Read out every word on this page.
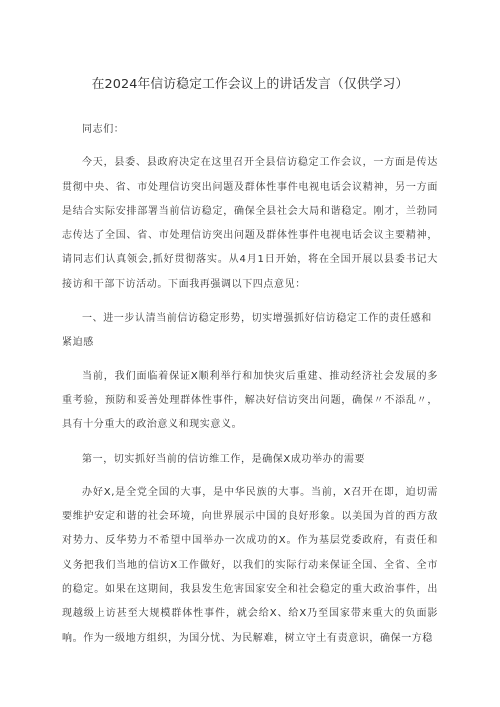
在2024年信访稳定工作会议上的讲话发言（仅供学习）

同志们：

今天，县委、县政府决定在这里召开全县信访稳定工作会议，一方面是传达贯彻中央、省、市处理信访突出问题及群体性事件电视电话会议精神，另一方面是结合实际安排部署当前信访稳定，确保全县社会大局和谐稳定。刚才，兰勃同志传达了全国、省、市处理信访突出问题及群体性事件电视电话会议主要精神，请同志们认真领会,抓好贯彻落实。从4月1日开始，将在全国开展以县委书记大接访和干部下访活动。下面我再强调以下四点意见：

一、进一步认清当前信访稳定形势，切实增强抓好信访稳定工作的责任感和紧迫感

当前，我们面临着保证X顺利举行和加快灾后重建、推动经济社会发展的多重考验，预防和妥善处理群体性事件，解决好信访突出问题，确保〃不添乱〃，具有十分重大的政治意义和现实意义。

第一，切实抓好当前的信访维工作，是确保X成功举办的需要

办好X,是全党全国的大事，是中华民族的大事。当前，X召开在即，迫切需要维护安定和谐的社会环境，向世界展示中国的良好形象。以美国为首的西方敌对势力、反华势力不希望中国举办一次成功的X。作为基层党委政府，有责任和义务把我们当地的信访X工作做好，以我们的实际行动来保证全国、全省、全市的稳定。如果在这期间，我县发生危害国家安全和社会稳定的重大政治事件，出现越级上访甚至大规模群体性事件，就会给X、给X乃至国家带来重大的负面影响。作为一级地方组织，为国分忧、为民解难，树立守土有责意识，确保一方稳
